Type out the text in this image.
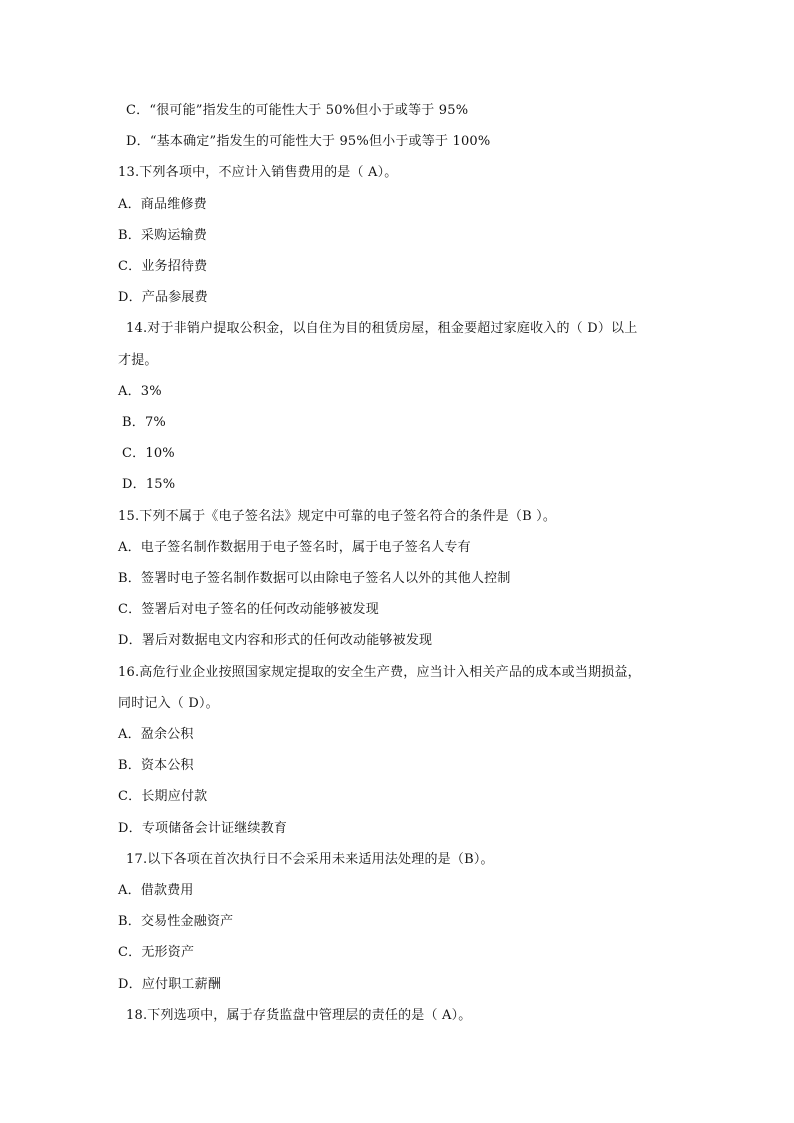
C．“很可能”指发生的可能性大于 50%但小于或等于 95%
D．“基本确定”指发生的可能性大于 95%但小于或等于 100%
13.下列各项中，不应计入销售费用的是（ A）。
A．商品维修费
B．采购运输费
C．业务招待费
D．产品参展费
14.对于非销户提取公积金，以自住为目的租赁房屋，租金要超过家庭收入的（ D）以上
才提。
A．3%
B．7%
C．10%
D．15%
15.下列不属于《电子签名法》规定中可靠的电子签名符合的条件是（B ）。
A．电子签名制作数据用于电子签名时，属于电子签名人专有
B．签署时电子签名制作数据可以由除电子签名人以外的其他人控制
C．签署后对电子签名的任何改动能够被发现
D．署后对数据电文内容和形式的任何改动能够被发现
16.高危行业企业按照国家规定提取的安全生产费，应当计入相关产品的成本或当期损益，
同时记入（ D）。
A．盈余公积
B．资本公积
C．长期应付款
D．专项储备会计证继续教育
17.以下各项在首次执行日不会采用未来适用法处理的是（B）。
A．借款费用
B．交易性金融资产
C．无形资产
D．应付职工薪酬
18.下列选项中，属于存货监盘中管理层的责任的是（ A）。
